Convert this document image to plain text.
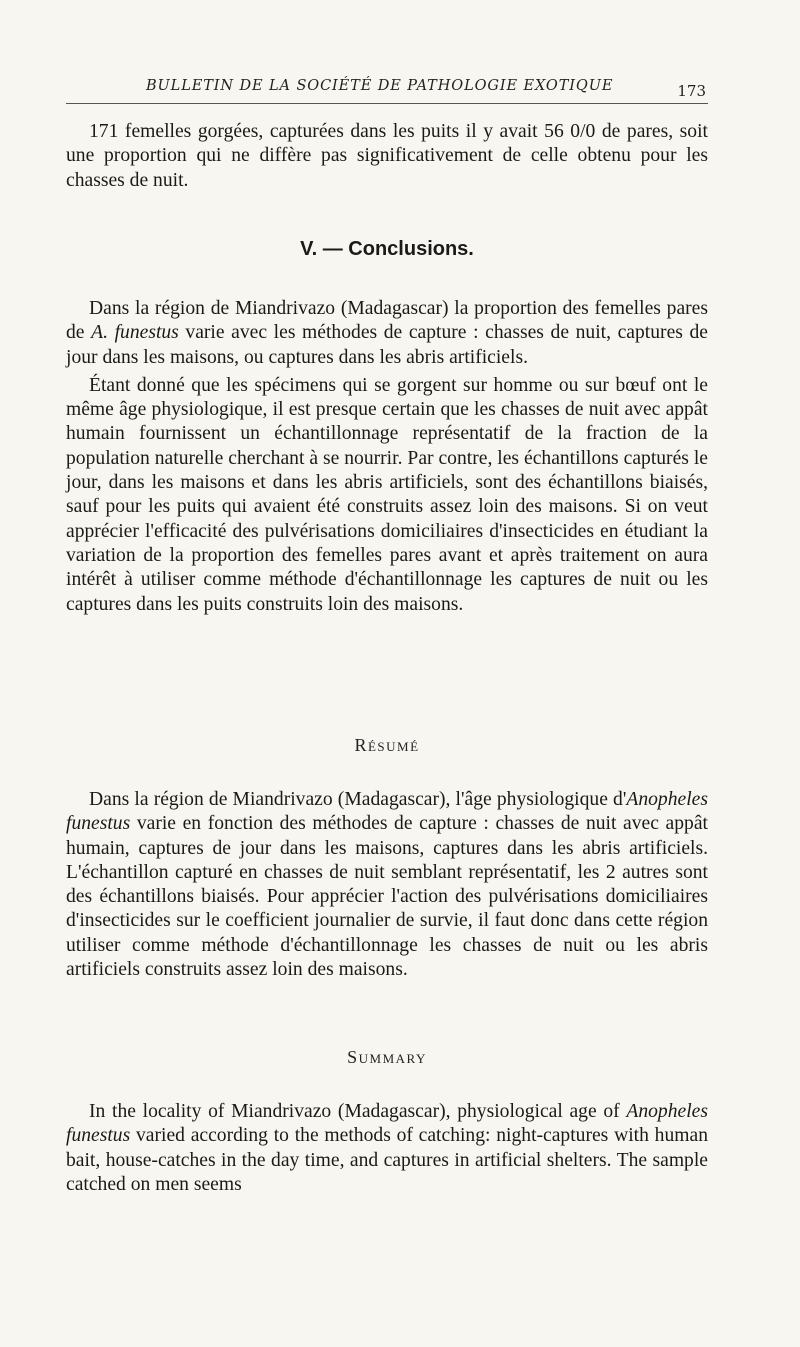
BULLETIN DE LA SOCIÉTÉ DE PATHOLOGIE EXOTIQUE	173

171 femelles gorgées, capturées dans les puits il y avait 56 0/0 de pares, soit une proportion qui ne diffère pas significativement de celle obtenu pour les chasses de nuit.

V. — Conclusions.

Dans la région de Miandrivazo (Madagascar) la proportion des femelles pares de A. funestus varie avec les méthodes de capture : chasses de nuit, captures de jour dans les maisons, ou captures dans les abris artificiels.

Étant donné que les spécimens qui se gorgent sur homme ou sur bœuf ont le même âge physiologique, il est presque certain que les chasses de nuit avec appât humain fournissent un échantillonnage représentatif de la fraction de la population naturelle cherchant à se nourrir. Par contre, les échantillons capturés le jour, dans les maisons et dans les abris artificiels, sont des échantillons biaisés, sauf pour les puits qui avaient été construits assez loin des maisons. Si on veut apprécier l'efficacité des pulvérisations domiciliaires d'insecticides en étudiant la variation de la proportion des femelles pares avant et après traitement on aura intérêt à utiliser comme méthode d'échantillonnage les captures de nuit ou les captures dans les puits construits loin des maisons.

Résumé

Dans la région de Miandrivazo (Madagascar), l'âge physiologique d'Anopheles funestus varie en fonction des méthodes de capture : chasses de nuit avec appât humain, captures de jour dans les maisons, captures dans les abris artificiels. L'échantillon capturé en chasses de nuit semblant représentatif, les 2 autres sont des échantillons biaisés. Pour apprécier l'action des pulvérisations domiciliaires d'insecticides sur le coefficient journalier de survie, il faut donc dans cette région utiliser comme méthode d'échantillonnage les chasses de nuit ou les abris artificiels construits assez loin des maisons.

Summary

In the locality of Miandrivazo (Madagascar), physiological age of Anopheles funestus varied according to the methods of catching: night-captures with human bait, house-catches in the day time, and captures in artificial shelters. The sample catched on men seems
